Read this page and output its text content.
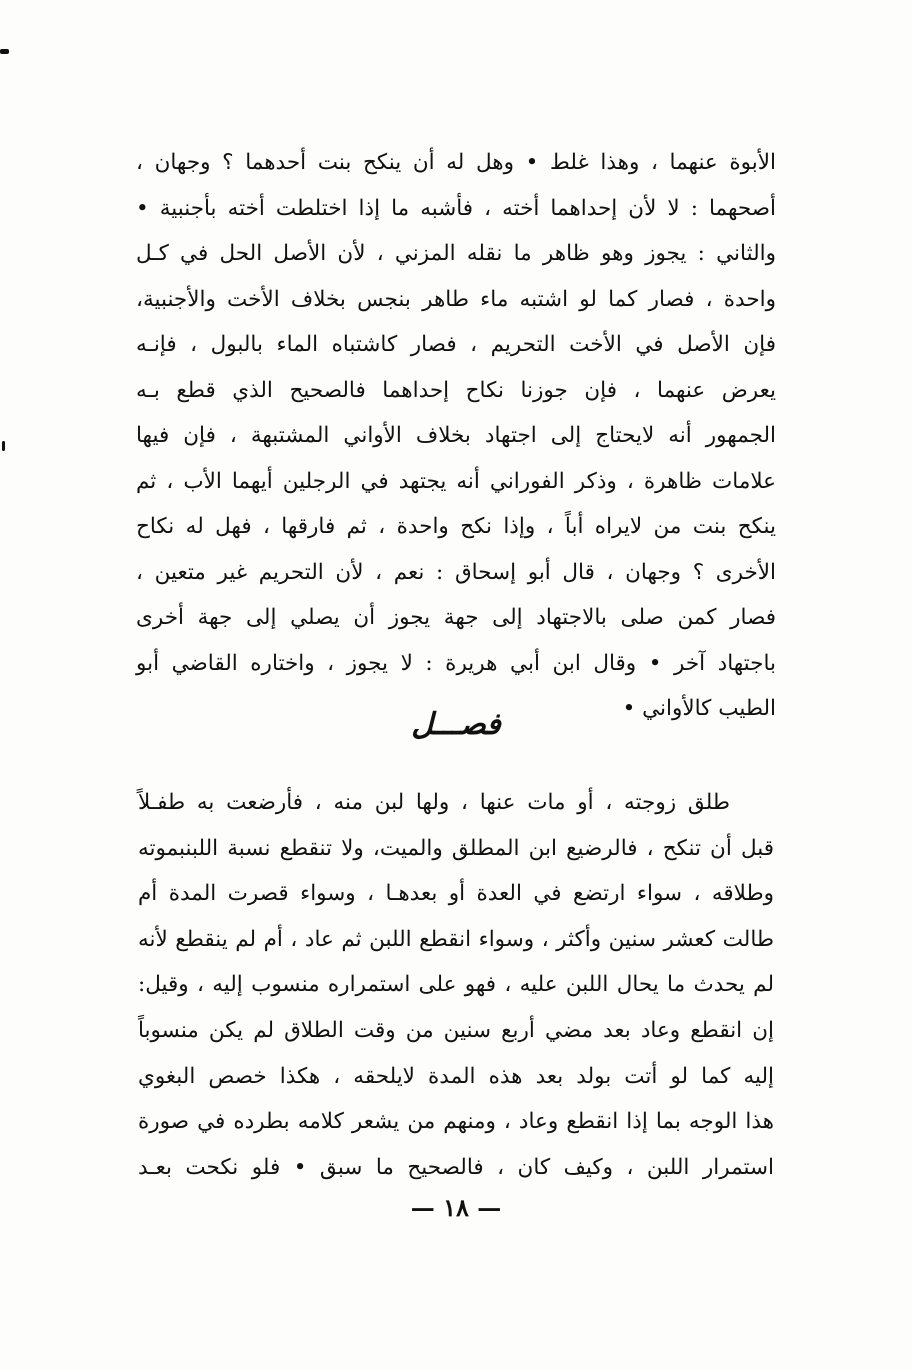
الأبوة عنهما ، وهذا غلط • وهل له أن ينكح بنت أحدهما ؟ وجهان ،
أصحهما : لا لأن إحداهما أخته ، فأشبه ما إذا اختلطت أخته بأجنبية •
والثاني : يجوز وهو ظاهر ما نقله المزني ، لأن الأصل الحل في كـل
واحدة ، فصار كما لو اشتبه ماء طاهر بنجس بخلاف الأخت والأجنبية،
فإن الأصل في الأخت التحريم ، فصار كاشتباه الماء بالبول ، فإنـه
يعرض عنهما ، فإن جوزنا نكاح إحداهما فالصحيح الذي قطع بـه
الجمهور أنه لايحتاج إلى اجتهاد بخلاف الأواني المشتبهة ، فإن فيها
علامات ظاهرة ، وذكر الفوراني أنه يجتهد في الرجلين أيهما الأب ، ثم
ينكح بنت من لايراه أباً ، وإذا نكح واحدة ، ثم فارقها ، فهل له نكاح
الأخرى ؟ وجهان ، قال أبو إسحاق : نعم ، لأن التحريم غير متعين ،
فصار كمن صلى بالاجتهاد إلى جهة يجوز أن يصلي إلى جهة أخرى
باجتهاد آخر • وقال ابن أبي هريرة : لا يجوز ، واختاره القاضي أبو
الطيب كالأواني •
فصـــل
طلق زوجته ، أو مات عنها ، ولها لبن منه ، فأرضعت به طفـلاً
قبل أن تنكح ، فالرضيع ابن المطلق والميت، ولا تنقطع نسبة اللبنبموته
وطلاقه ، سواء ارتضع في العدة أو بعدهـا ، وسواء قصرت المدة أم
طالت كعشر سنين وأكثر ، وسواء انقطع اللبن ثم عاد ، أم لم ينقطع لأنه
لم يحدث ما يحال اللبن عليه ، فهو على استمراره منسوب إليه ، وقيل:
إن انقطع وعاد بعد مضي أربع سنين من وقت الطلاق لم يكن منسوباً
إليه كما لو أتت بولد بعد هذه المدة لايلحقه ، هكذا خصص البغوي
هذا الوجه بما إذا انقطع وعاد ، ومنهم من يشعر كلامه بطرده في صورة
استمرار اللبن ، وكيف كان ، فالصحيح ما سبق • فلو نكحت بعـد
— ١٨ —
